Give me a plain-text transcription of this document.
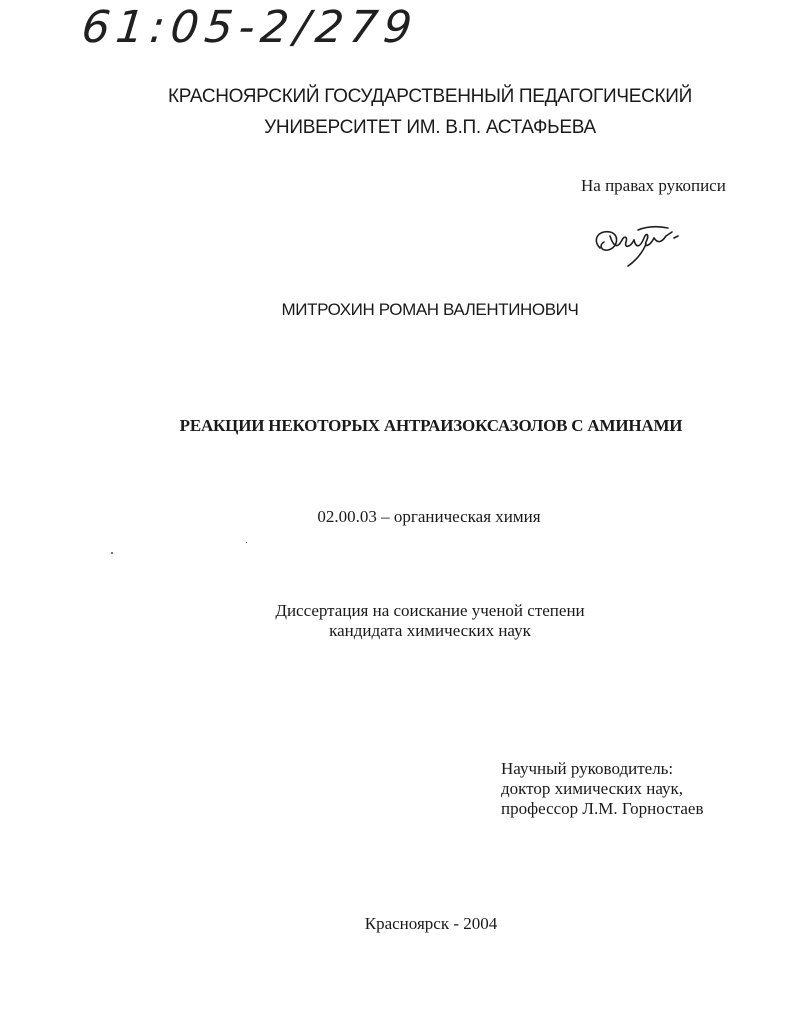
61:05-2/279
КРАСНОЯРСКИЙ ГОСУДАРСТВЕННЫЙ ПЕДАГОГИЧЕСКИЙ
УНИВЕРСИТЕТ ИМ. В.П. АСТАФЬЕВА
На правах рукописи
МИТРОХИН РОМАН ВАЛЕНТИНОВИЧ
РЕАКЦИИ НЕКОТОРЫХ АНТРАИЗОКСАЗОЛОВ С АМИНАМИ
02.00.03 – органическая химия
Диссертация на соискание ученой степени
кандидата химических наук
Научный руководитель:
доктор химических наук,
профессор Л.М. Горностаев
Красноярск - 2004
